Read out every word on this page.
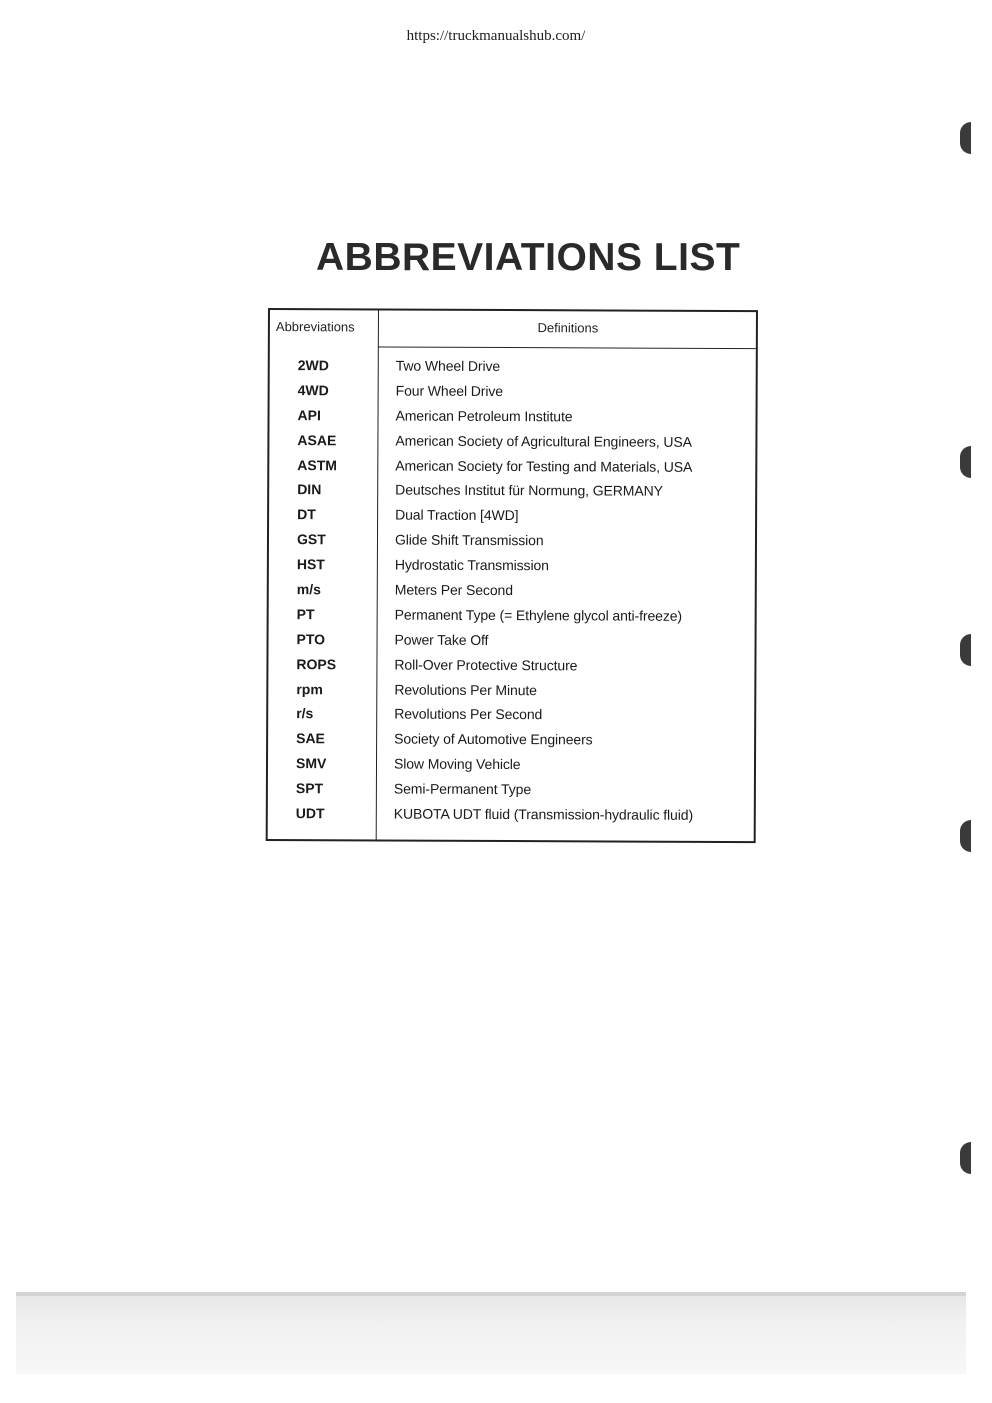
https://truckmanualshub.com/
ABBREVIATIONS LIST
Abbreviations	Definitions
2WD	Two Wheel Drive
4WD	Four Wheel Drive
API	American Petroleum Institute
ASAE	American Society of Agricultural Engineers, USA
ASTM	American Society for Testing and Materials, USA
DIN	Deutsches Institut für Normung, GERMANY
DT	Dual Traction [4WD]
GST	Glide Shift Transmission
HST	Hydrostatic Transmission
m/s	Meters Per Second
PT	Permanent Type (= Ethylene glycol anti-freeze)
PTO	Power Take Off
ROPS	Roll-Over Protective Structure
rpm	Revolutions Per Minute
r/s	Revolutions Per Second
SAE	Society of Automotive Engineers
SMV	Slow Moving Vehicle
SPT	Semi-Permanent Type
UDT	KUBOTA UDT fluid (Transmission-hydraulic fluid)
